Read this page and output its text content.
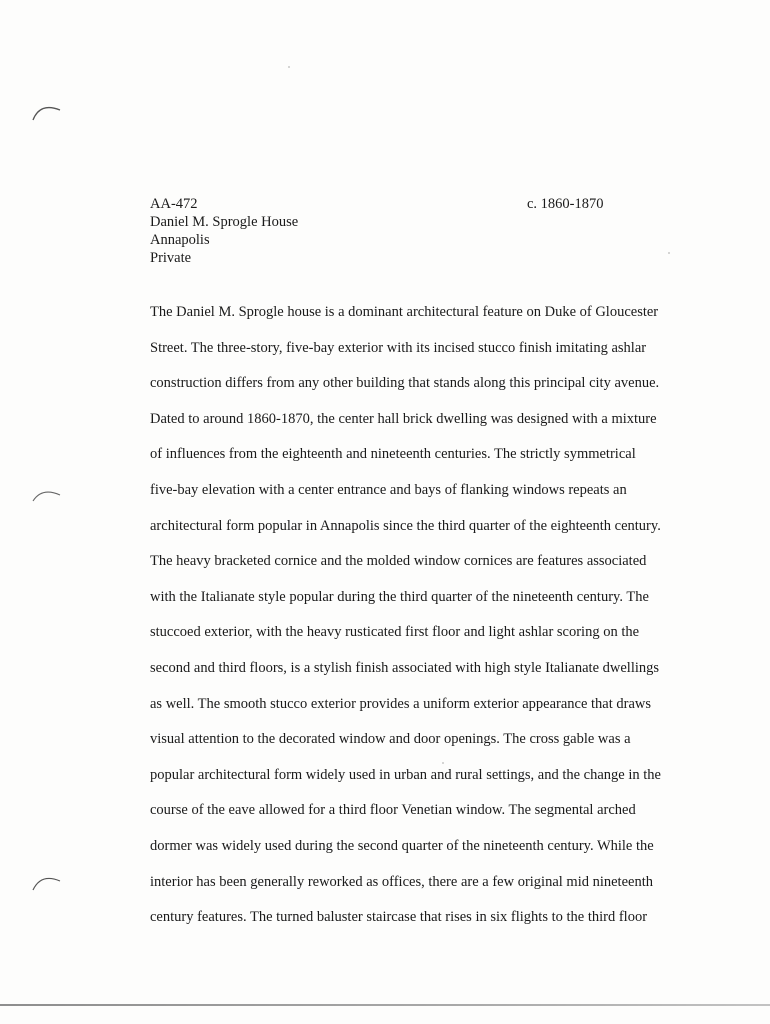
AA-472
Daniel M. Sprogle House
Annapolis
Private
c. 1860-1870
The Daniel M. Sprogle house is a dominant architectural feature on Duke of Gloucester
Street. The three-story, five-bay exterior with its incised stucco finish imitating ashlar
construction differs from any other building that stands along this principal city avenue.
Dated to around 1860-1870, the center hall brick dwelling was designed with a mixture
of influences from the eighteenth and nineteenth centuries. The strictly symmetrical
five-bay elevation with a center entrance and bays of flanking windows repeats an
architectural form popular in Annapolis since the third quarter of the eighteenth century.
The heavy bracketed cornice and the molded window cornices are features associated
with the Italianate style popular during the third quarter of the nineteenth century. The
stuccoed exterior, with the heavy rusticated first floor and light ashlar scoring on the
second and third floors, is a stylish finish associated with high style Italianate dwellings
as well. The smooth stucco exterior provides a uniform exterior appearance that draws
visual attention to the decorated window and door openings. The cross gable was a
popular architectural form widely used in urban and rural settings, and the change in the
course of the eave allowed for a third floor Venetian window. The segmental arched
dormer was widely used during the second quarter of the nineteenth century. While the
interior has been generally reworked as offices, there are a few original mid nineteenth
century features. The turned baluster staircase that rises in six flights to the third floor
